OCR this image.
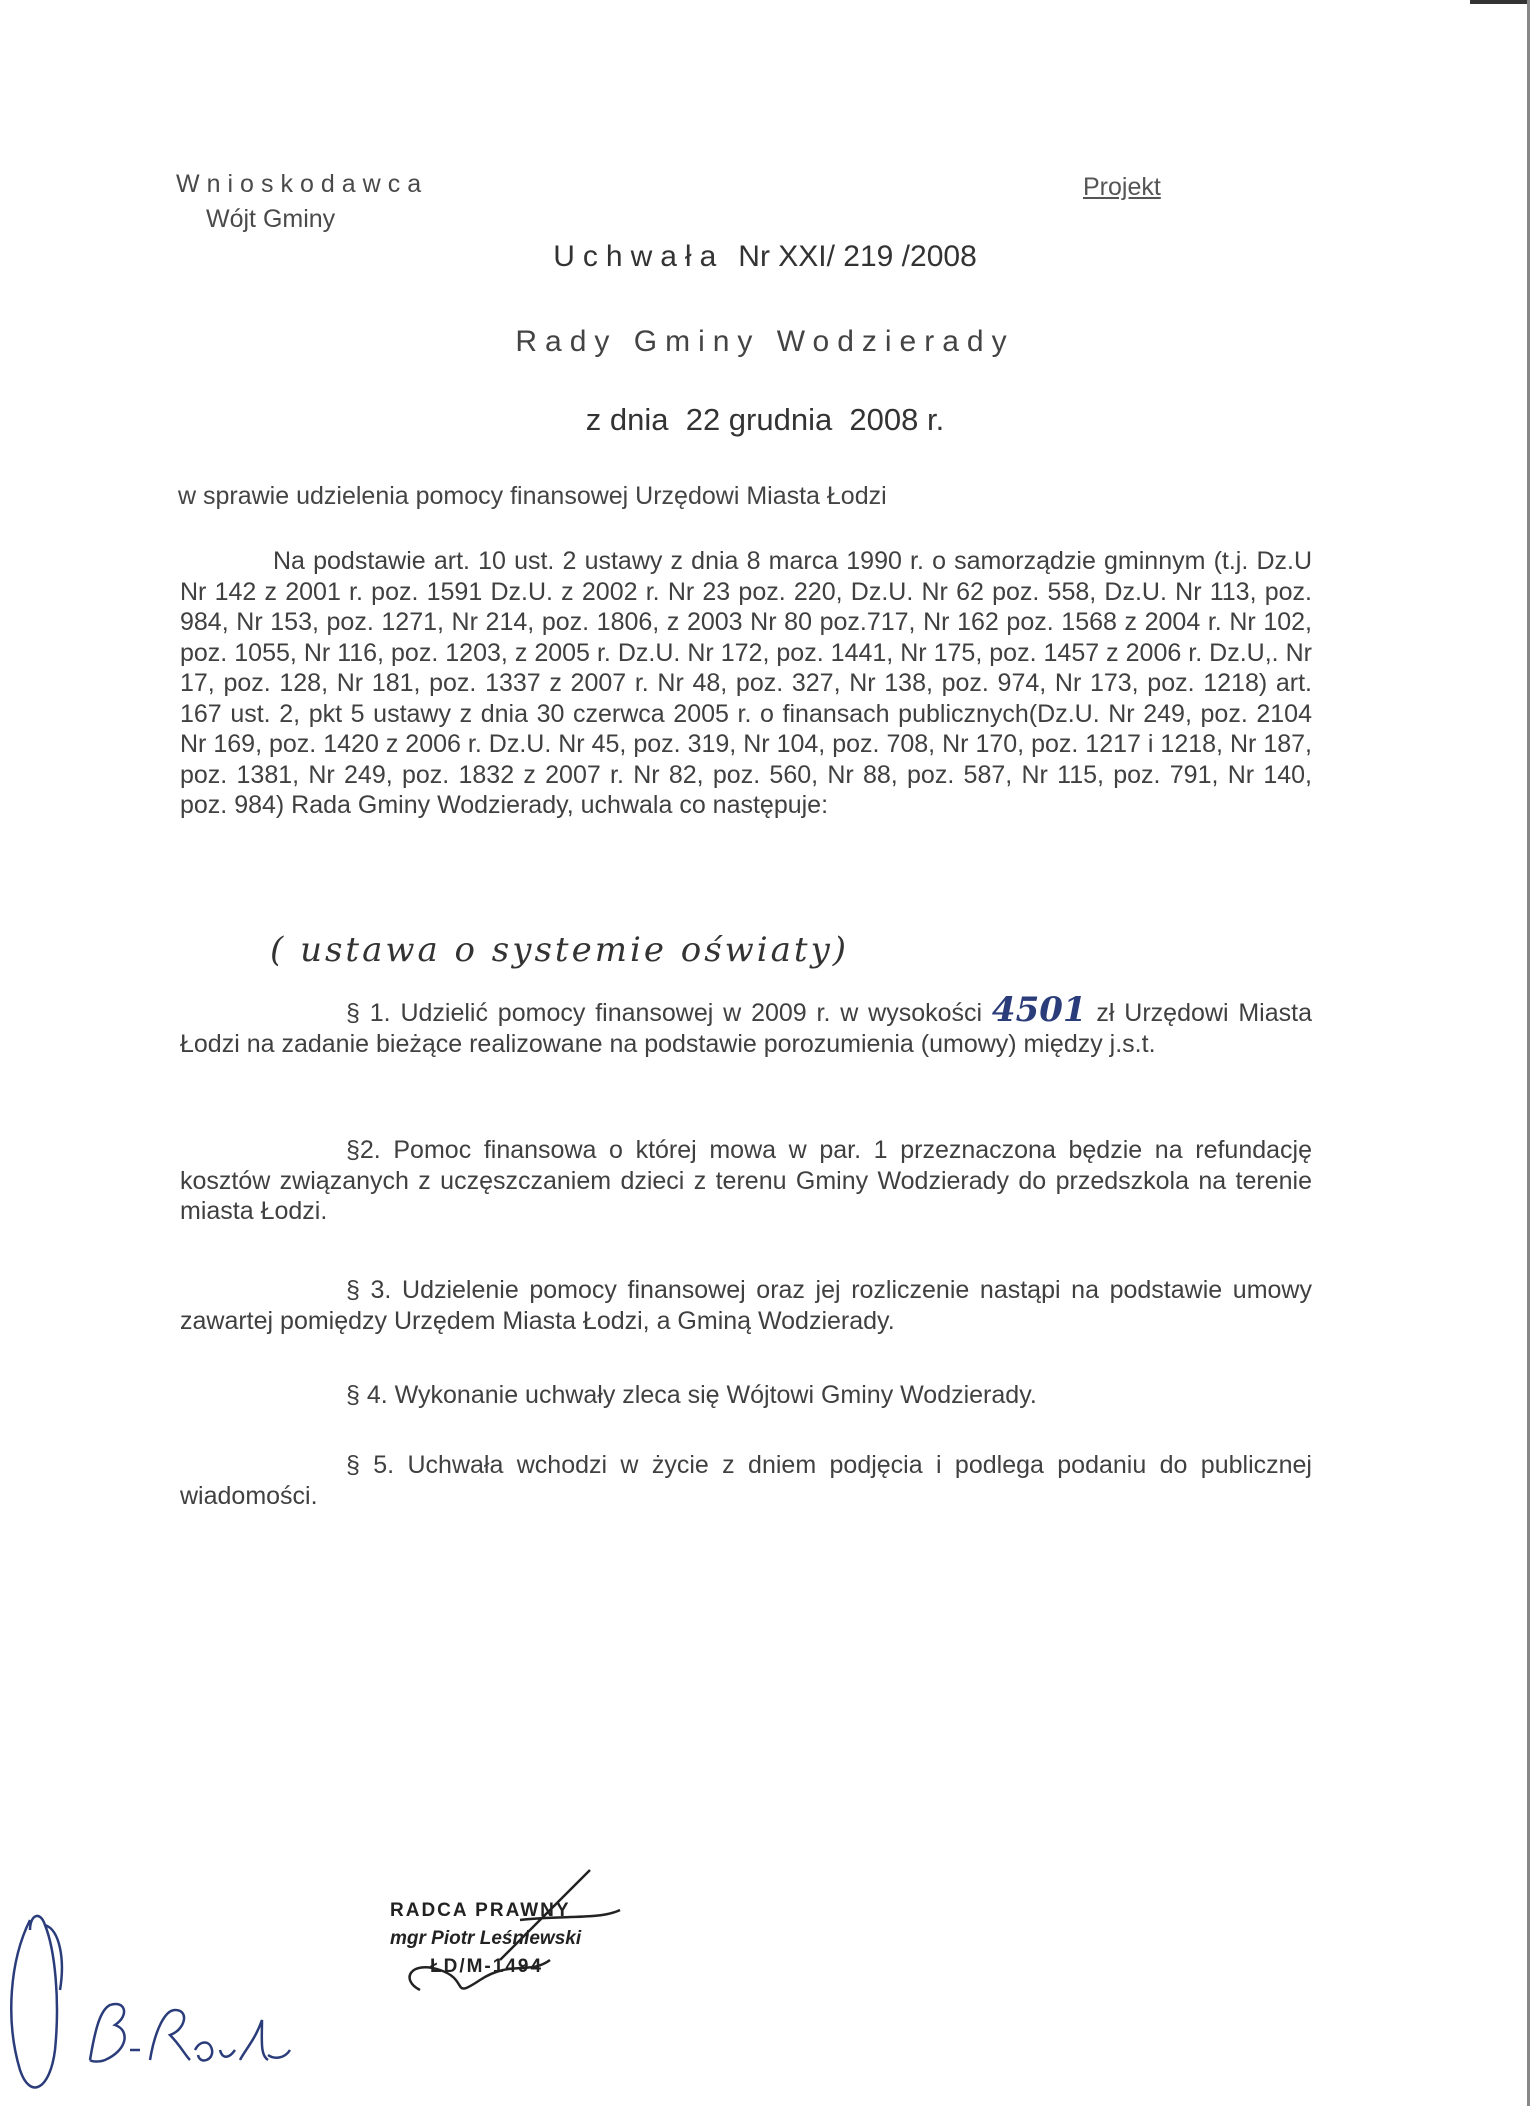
Wnioskodawca
Wójt Gminy
Projekt
Uchwała Nr XXI/ 219 /2008
Rady Gminy Wodzierady
z dnia  22 grudnia  2008 r.
w sprawie udzielenia pomocy finansowej Urzędowi Miasta Łodzi
Na podstawie art. 10 ust. 2 ustawy z dnia 8 marca 1990 r. o samorządzie gminnym (t.j. Dz.U Nr 142 z 2001 r. poz. 1591 Dz.U. z 2002 r. Nr 23 poz. 220, Dz.U. Nr 62 poz. 558, Dz.U. Nr 113, poz. 984, Nr 153, poz. 1271, Nr 214, poz. 1806, z 2003 Nr 80 poz.717, Nr 162 poz. 1568 z 2004 r. Nr 102, poz. 1055, Nr 116, poz. 1203, z 2005 r. Dz.U. Nr 172, poz. 1441, Nr 175, poz. 1457 z 2006 r. Dz.U,. Nr 17, poz. 128, Nr 181, poz. 1337 z 2007 r. Nr 48, poz. 327, Nr 138, poz. 974, Nr 173, poz. 1218) art. 167 ust. 2, pkt 5 ustawy z dnia 30 czerwca 2005 r. o finansach publicznych(Dz.U. Nr 249, poz. 2104 Nr 169, poz. 1420 z 2006 r. Dz.U. Nr 45, poz. 319, Nr 104, poz. 708, Nr 170, poz. 1217 i 1218, Nr 187, poz. 1381, Nr 249, poz. 1832 z 2007 r. Nr 82, poz. 560, Nr 88, poz. 587, Nr 115, poz. 791, Nr 140, poz. 984) Rada Gminy Wodzierady, uchwala co następuje:
( ustawa o systemie oświaty)
§ 1. Udzielić pomocy finansowej w 2009 r. w wysokości 4501 zł Urzędowi Miasta Łodzi na zadanie bieżące realizowane na podstawie porozumienia (umowy) między j.s.t.
§2. Pomoc finansowa o której mowa w par. 1 przeznaczona będzie na refundację kosztów związanych z uczęszczaniem dzieci z terenu Gminy Wodzierady do przedszkola na terenie miasta Łodzi.
§ 3. Udzielenie pomocy finansowej oraz jej rozliczenie nastąpi na podstawie umowy zawartej pomiędzy Urzędem Miasta Łodzi, a Gminą Wodzierady.
§ 4. Wykonanie uchwały zleca się Wójtowi Gminy Wodzierady.
§ 5. Uchwała wchodzi w życie z dniem podjęcia i podlega podaniu do publicznej wiadomości.
RADCA PRAWNY
mgr Piotr Leśniewski
ŁD/M-1494
